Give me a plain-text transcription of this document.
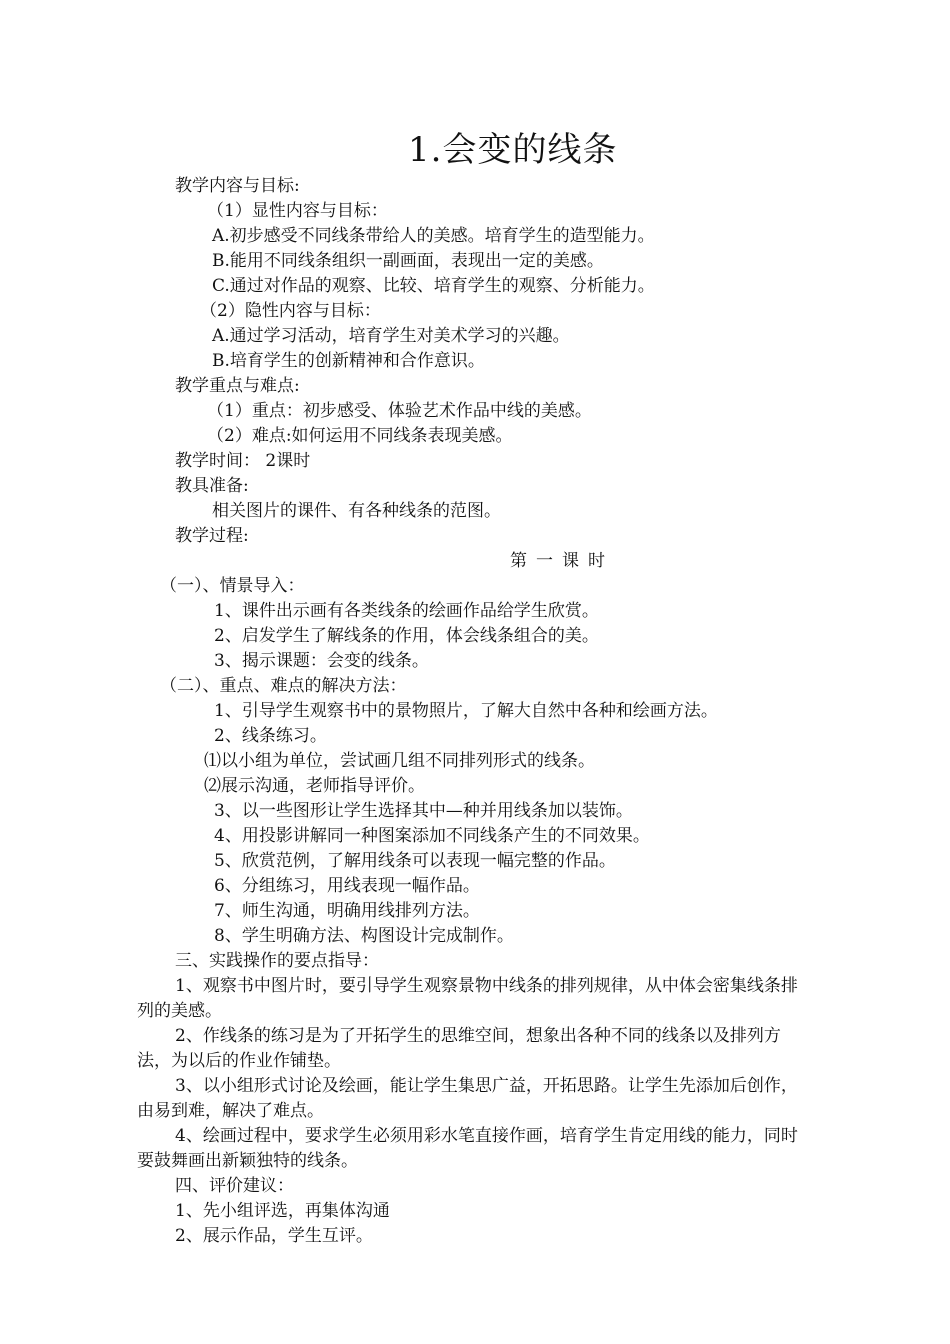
1.会变的线条
教学内容与目标:
（1）显性内容与目标：
A.初步感受不同线条带给人的美感。培育学生的造型能力。
B.能用不同线条组织一副画面，表现出一定的美感。
C.通过对作品的观察、比较、培育学生的观察、分析能力。
（2）隐性内容与目标：
A.通过学习活动，培育学生对美术学习的兴趣。
B.培育学生的创新精神和合作意识。
教学重点与难点:
（1）重点：初步感受、体验艺术作品中线的美感。
（2）难点:如何运用不同线条表现美感。
教学时间： 2课时
教具准备:
相关图片的课件、有各种线条的范图。
教学过程:
第一课时
（一）、情景导入：
1、课件出示画有各类线条的绘画作品给学生欣赏。
2、启发学生了解线条的作用，体会线条组合的美。
3、揭示课题：会变的线条。
（二）、重点、难点的解决方法：
1、引导学生观察书中的景物照片，了解大自然中各种和绘画方法。
2、线条练习。
⑴以小组为单位，尝试画几组不同排列形式的线条。
⑵展示沟通，老师指导评价。
3、以一些图形让学生选择其中—种并用线条加以装饰。
4、用投影讲解同一种图案添加不同线条产生的不同效果。
5、欣赏范例，了解用线条可以表现一幅完整的作品。
6、分组练习，用线表现一幅作品。
7、师生沟通，明确用线排列方法。
8、学生明确方法、构图设计完成制作。
三、实践操作的要点指导：
1、观察书中图片时，要引导学生观察景物中线条的排列规律，从中体会密集线条排列的美感。
2、作线条的练习是为了开拓学生的思维空间，想象出各种不同的线条以及排列方法，为以后的作业作铺垫。
3、以小组形式讨论及绘画，能让学生集思广益，开拓思路。让学生先添加后创作，由易到难，解决了难点。
4、绘画过程中，要求学生必须用彩水笔直接作画，培育学生肯定用线的能力，同时要鼓舞画出新颖独特的线条。
四、评价建议：
1、先小组评选，再集体沟通
2、展示作品，学生互评。
